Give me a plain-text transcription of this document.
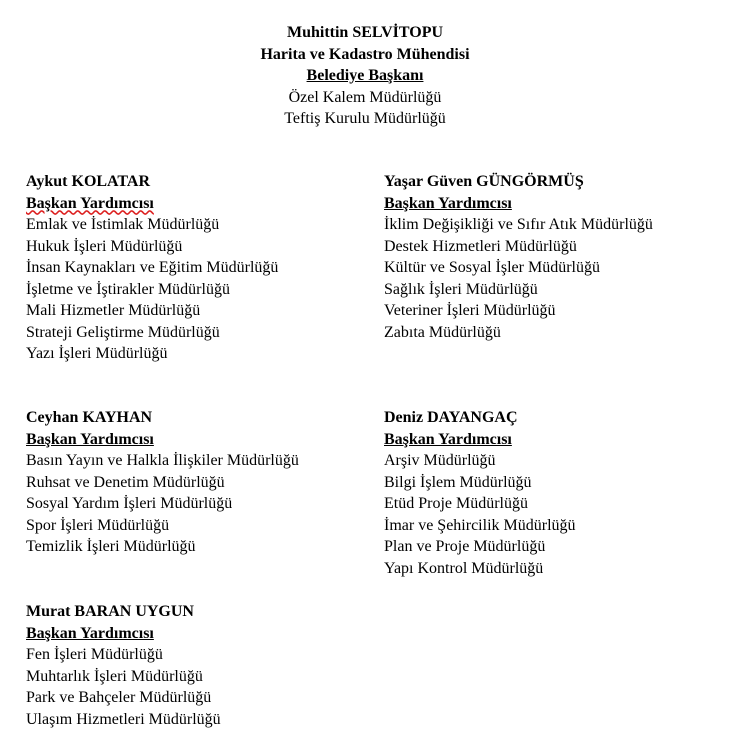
Muhittin SELVİTOPU
Harita ve Kadastro Mühendisi
Belediye Başkanı
Özel Kalem Müdürlüğü
Teftiş Kurulu Müdürlüğü
Aykut KOLATAR
Başkan Yardımcısı
Emlak ve İstimlak Müdürlüğü
Hukuk İşleri Müdürlüğü
İnsan Kaynakları ve Eğitim Müdürlüğü
İşletme ve İştirakler Müdürlüğü
Mali Hizmetler Müdürlüğü
Strateji Geliştirme Müdürlüğü
Yazı İşleri Müdürlüğü
Yaşar Güven GÜNGÖRMÜŞ
Başkan Yardımcısı
İklim Değişikliği ve Sıfır Atık Müdürlüğü
Destek Hizmetleri Müdürlüğü
Kültür ve Sosyal İşler Müdürlüğü
Sağlık İşleri Müdürlüğü
Veteriner İşleri Müdürlüğü
Zabıta Müdürlüğü
Ceyhan KAYHAN
Başkan Yardımcısı
Basın Yayın ve Halkla İlişkiler Müdürlüğü
Ruhsat ve Denetim Müdürlüğü
Sosyal Yardım İşleri Müdürlüğü
Spor İşleri Müdürlüğü
Temizlik İşleri Müdürlüğü
Deniz DAYANGAÇ
Başkan Yardımcısı
Arşiv Müdürlüğü
Bilgi İşlem Müdürlüğü
Etüd Proje Müdürlüğü
İmar ve Şehircilik Müdürlüğü
Plan ve Proje Müdürlüğü
Yapı Kontrol Müdürlüğü
Murat BARAN UYGUN
Başkan Yardımcısı
Fen İşleri Müdürlüğü
Muhtarlık İşleri Müdürlüğü
Park ve Bahçeler Müdürlüğü
Ulaşım Hizmetleri Müdürlüğü
